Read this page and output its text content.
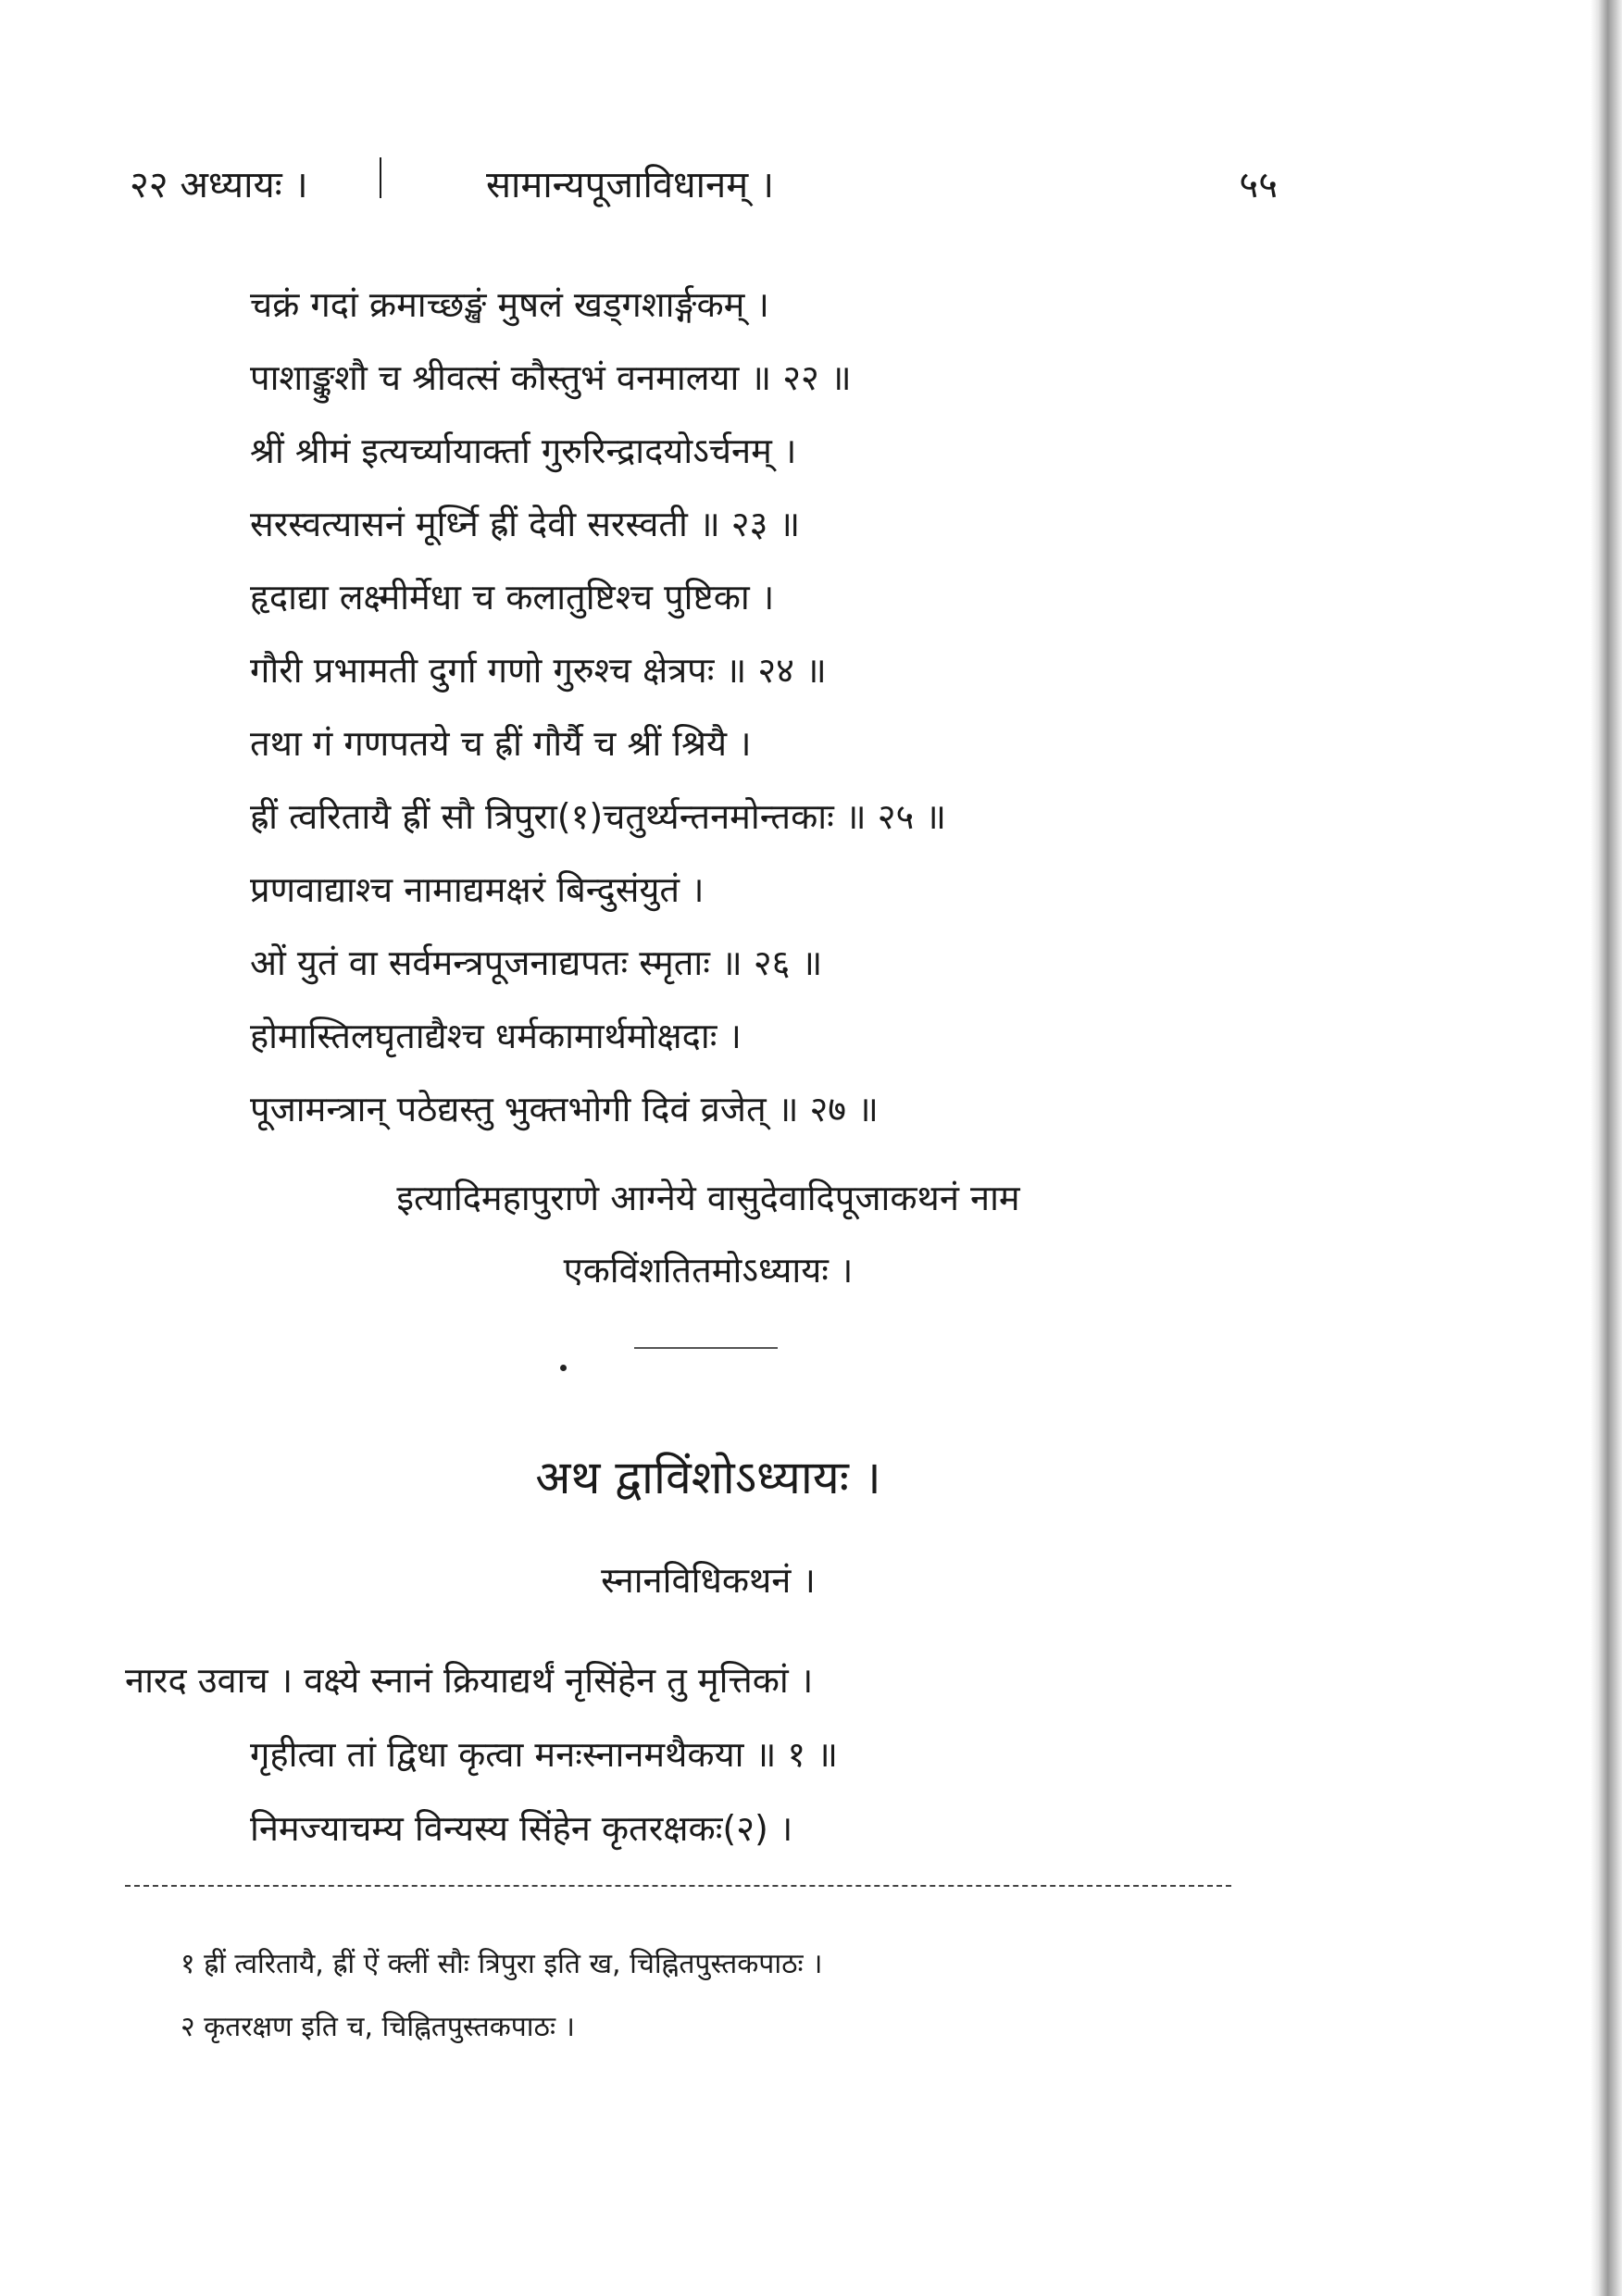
२२ अध्यायः ।	सामान्यपूजाविधानम् ।	५५
चक्रं गदां क्रमाच्छङ्खं मुषलं खड्गशार्ङ्गकम् ।
पाशाङ्कुशौ च श्रीवत्सं कौस्तुभं वनमालया ॥ २२ ॥
श्रीं श्रीमं इत्यर्च्यायार्क्ता गुरुरिन्द्रादयोऽर्चनम् ।
सरस्वत्यासनं मूर्ध्नि ह्रीं देवी सरस्वती ॥ २३ ॥
हृदाद्या लक्ष्मीर्मेधा च कलातुष्टिश्च पुष्टिका ।
गौरी प्रभामती दुर्गा गणो गुरुश्च क्षेत्रपः ॥ २४ ॥
तथा गं गणपतये च ह्रीं गौर्यै च श्रीं श्रियै ।
ह्रीं त्वरितायै ह्रीं सौ त्रिपुरा(१)चतुर्थ्यन्तनमोन्तकाः ॥ २५ ॥
प्रणवाद्याश्च नामाद्यमक्षरं बिन्दुसंयुतं ।
ओं युतं वा सर्वमन्त्रपूजनाद्यपतः स्मृताः ॥ २६ ॥
होमास्तिलघृताद्यैश्च धर्मकामार्थमोक्षदाः ।
पूजामन्त्रान् पठेद्यस्तु भुक्तभोगी दिवं व्रजेत् ॥ २७ ॥
इत्यादिमहापुराणे आग्नेये वासुदेवादिपूजाकथनं नाम
एकविंशतितमोऽध्यायः ।
अथ द्वाविंशोऽध्यायः ।
स्नानविधिकथनं ।
नारद उवाच । वक्ष्ये स्नानं क्रियाद्यर्थं नृसिंहेन तु मृत्तिकां ।
गृहीत्वा तां द्विधा कृत्वा मनःस्नानमथैकया ॥ १ ॥
निमज्याचम्य विन्यस्य सिंहेन कृतरक्षकः(२) ।
१ ह्रीं त्वरितायै, ह्रीं ऐं क्लीं सौः त्रिपुरा इति ख, चिह्नितपुस्तकपाठः ।
२ कृतरक्षण इति च, चिह्नितपुस्तकपाठः ।
